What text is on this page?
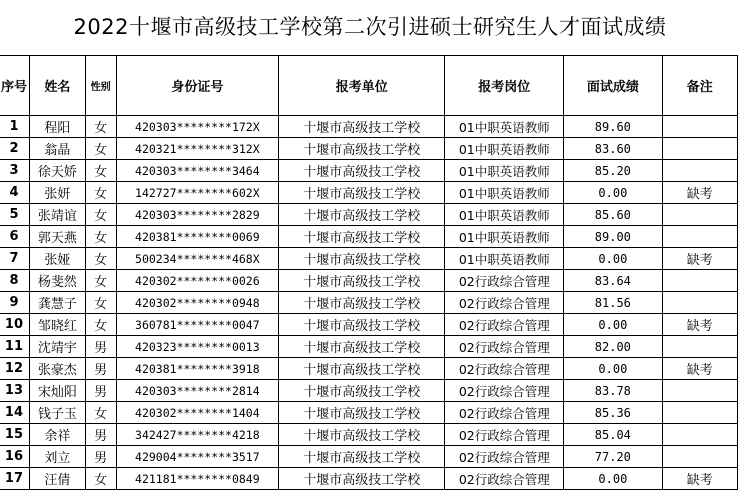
2022十堰市高级技工学校第二次引进硕士研究生人才面试成绩
序号	姓名	性别	身份证号	报考单位	报考岗位	面试成绩	备注
1	程阳	女	420303********172X	十堰市高级技工学校	01中职英语教师	89.60	
2	翁晶	女	420321********312X	十堰市高级技工学校	01中职英语教师	83.60	
3	徐天娇	女	420303********3464	十堰市高级技工学校	01中职英语教师	85.20	
4	张妍	女	142727********602X	十堰市高级技工学校	01中职英语教师	0.00	缺考
5	张靖谊	女	420303********2829	十堰市高级技工学校	01中职英语教师	85.60	
6	郭天燕	女	420381********0069	十堰市高级技工学校	01中职英语教师	89.00	
7	张娅	女	500234********468X	十堰市高级技工学校	01中职英语教师	0.00	缺考
8	杨斐然	女	420302********0026	十堰市高级技工学校	02行政综合管理	83.64	
9	龚慧子	女	420302********0948	十堰市高级技工学校	02行政综合管理	81.56	
10	邹晓红	女	360781********0047	十堰市高级技工学校	02行政综合管理	0.00	缺考
11	沈靖宇	男	420323********0013	十堰市高级技工学校	02行政综合管理	82.00	
12	张豪杰	男	420381********3918	十堰市高级技工学校	02行政综合管理	0.00	缺考
13	宋灿阳	男	420303********2814	十堰市高级技工学校	02行政综合管理	83.78	
14	钱子玉	女	420302********1404	十堰市高级技工学校	02行政综合管理	85.36	
15	余祥	男	342427********4218	十堰市高级技工学校	02行政综合管理	85.04	
16	刘立	男	429004********3517	十堰市高级技工学校	02行政综合管理	77.20	
17	汪倩	女	421181********0849	十堰市高级技工学校	02行政综合管理	0.00	缺考
